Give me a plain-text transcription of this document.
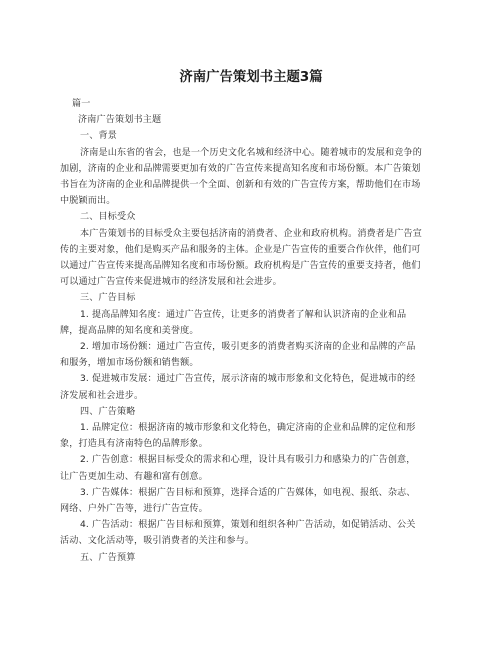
济南广告策划书主题3篇
篇一
济南广告策划书主题
一、背景
济南是山东省的省会，也是一个历史文化名城和经济中心。随着城市的发展和竞争的
加剧，济南的企业和品牌需要更加有效的广告宣传来提高知名度和市场份额。本广告策划
书旨在为济南的企业和品牌提供一个全面、创新和有效的广告宣传方案，帮助他们在市场
中脱颖而出。
二、目标受众
本广告策划书的目标受众主要包括济南的消费者、企业和政府机构。消费者是广告宣
传的主要对象，他们是购买产品和服务的主体。企业是广告宣传的重要合作伙伴，他们可
以通过广告宣传来提高品牌知名度和市场份额。政府机构是广告宣传的重要支持者，他们
可以通过广告宣传来促进城市的经济发展和社会进步。
三、广告目标
1. 提高品牌知名度：通过广告宣传，让更多的消费者了解和认识济南的企业和品
牌，提高品牌的知名度和美誉度。
2. 增加市场份额：通过广告宣传，吸引更多的消费者购买济南的企业和品牌的产品
和服务，增加市场份额和销售额。
3. 促进城市发展：通过广告宣传，展示济南的城市形象和文化特色，促进城市的经
济发展和社会进步。
四、广告策略
1. 品牌定位：根据济南的城市形象和文化特色，确定济南的企业和品牌的定位和形
象，打造具有济南特色的品牌形象。
2. 广告创意：根据目标受众的需求和心理，设计具有吸引力和感染力的广告创意，
让广告更加生动、有趣和富有创意。
3. 广告媒体：根据广告目标和预算，选择合适的广告媒体，如电视、报纸、杂志、
网络、户外广告等，进行广告宣传。
4. 广告活动：根据广告目标和预算，策划和组织各种广告活动，如促销活动、公关
活动、文化活动等，吸引消费者的关注和参与。
五、广告预算
